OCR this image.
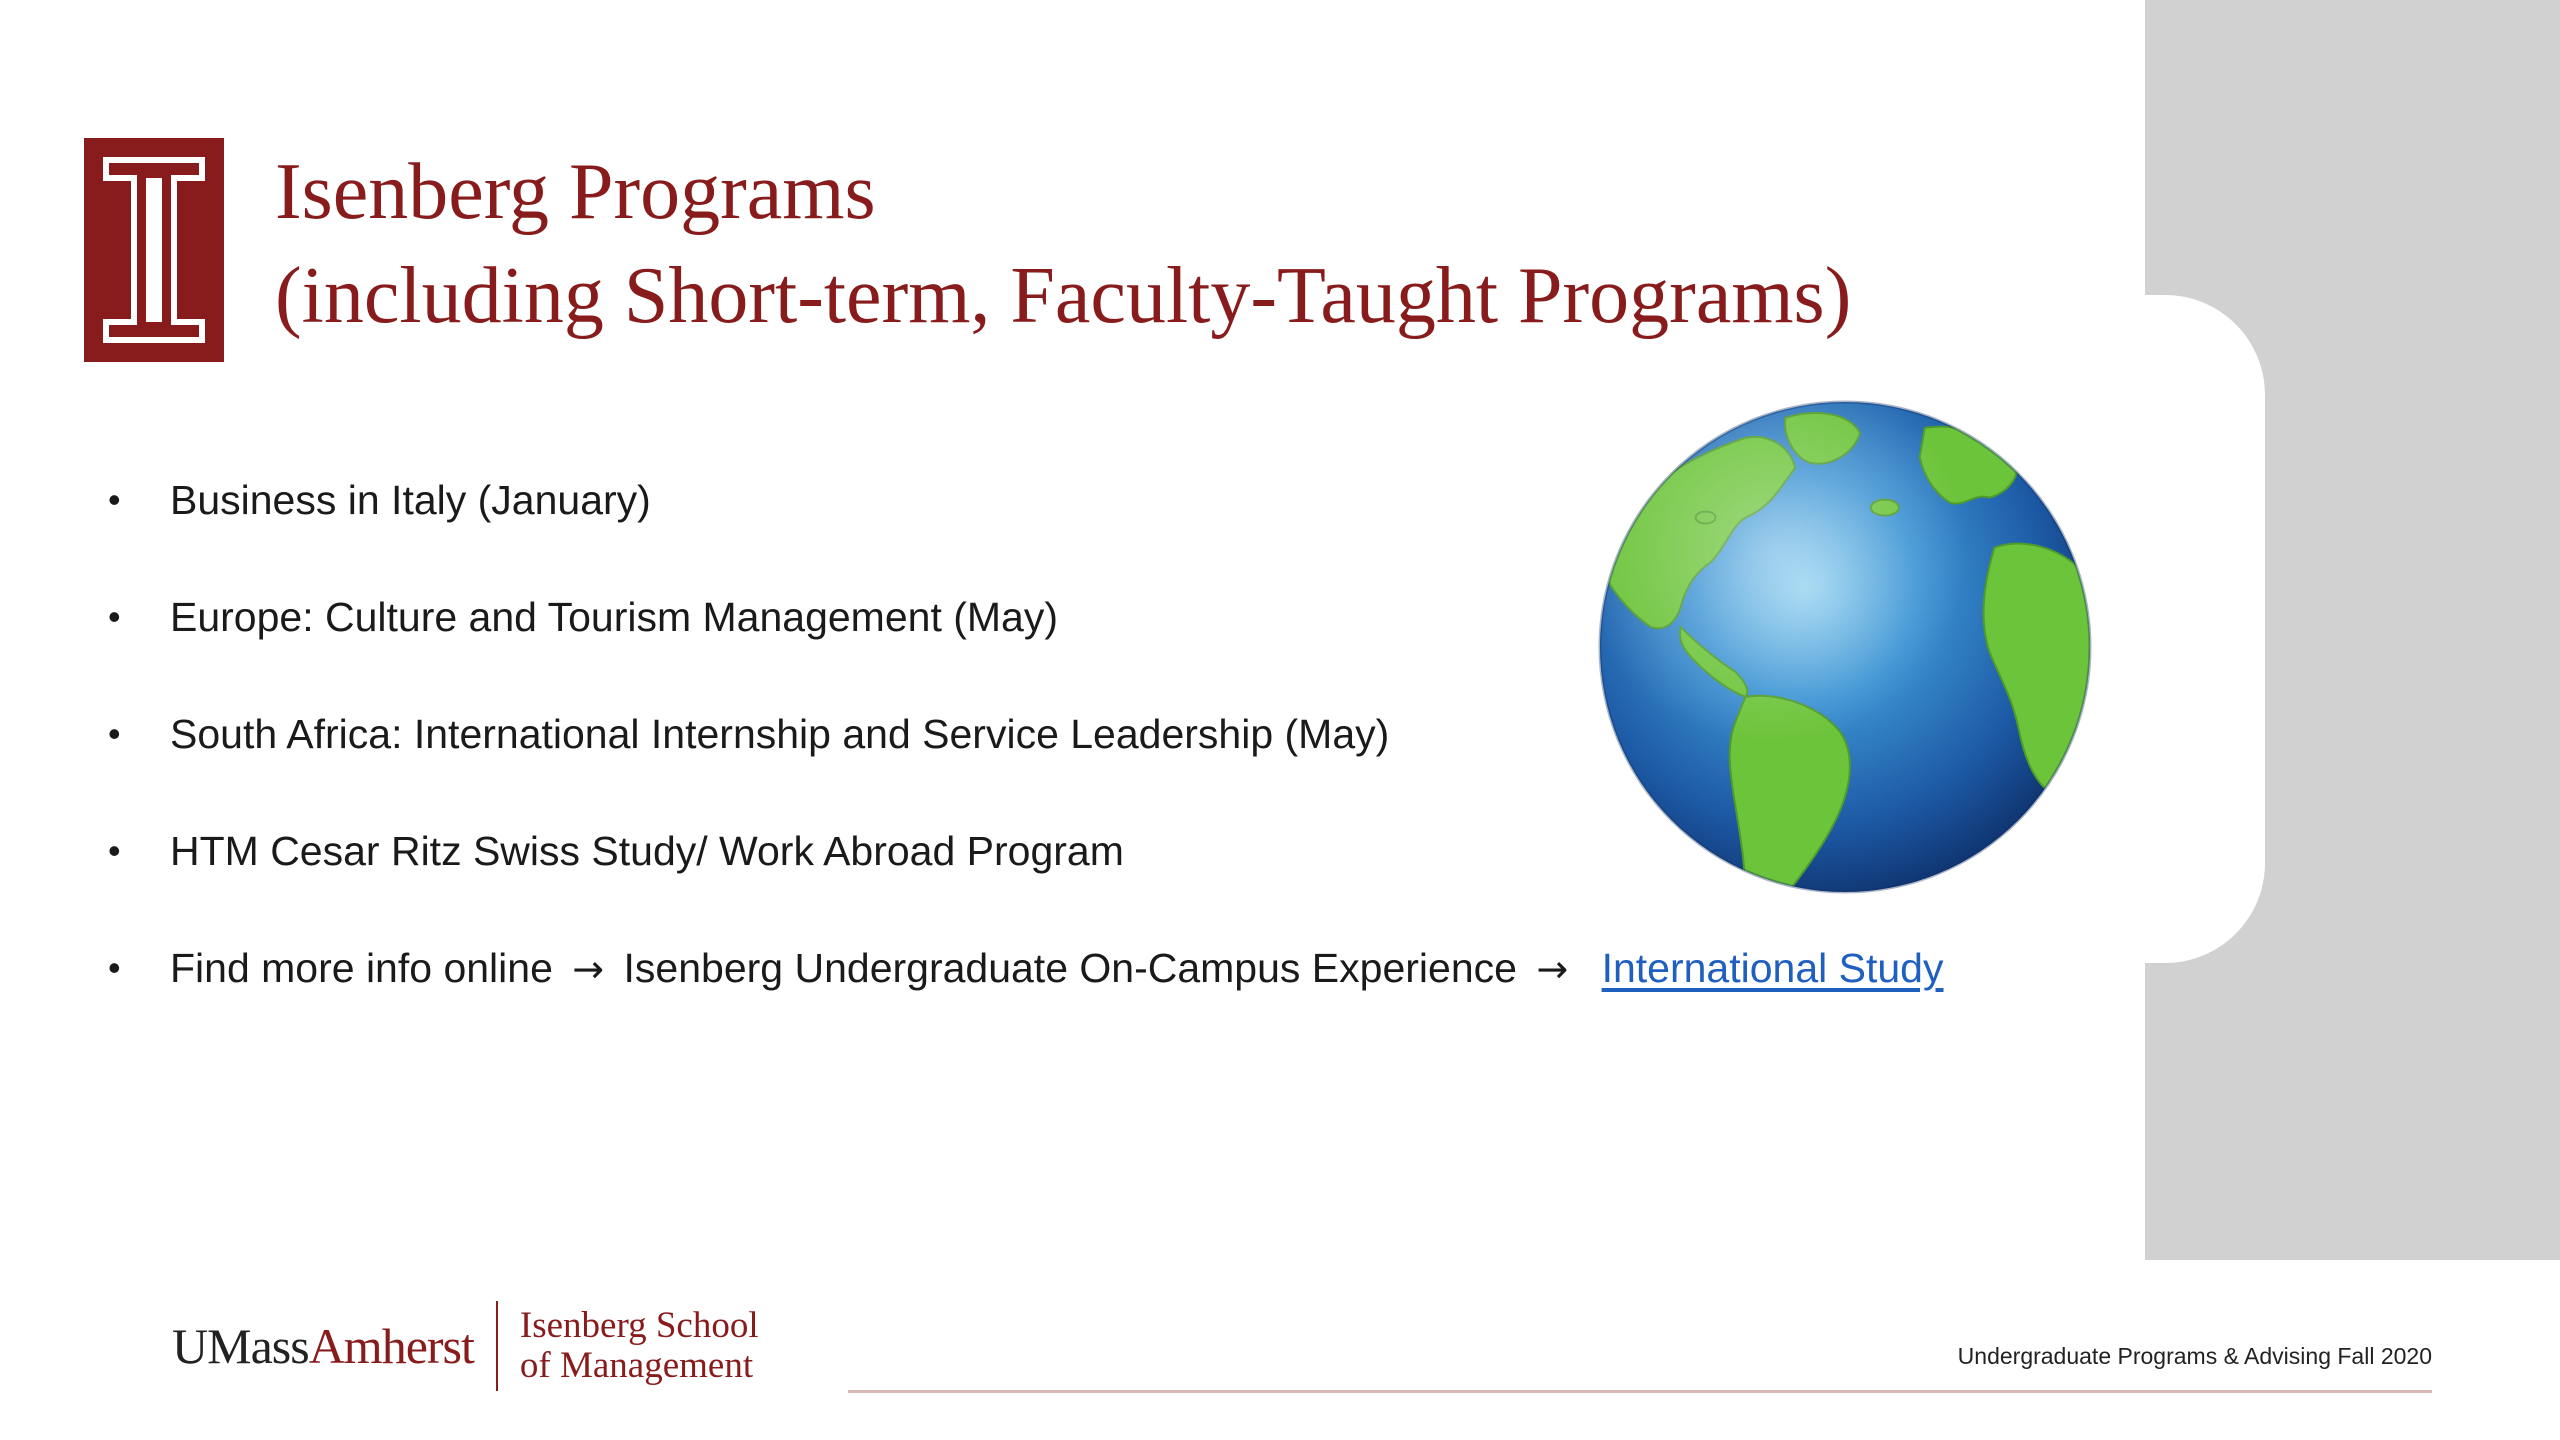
Isenberg Programs
(including Short-term, Faculty-Taught Programs)
• Business in Italy (January)
• Europe: Culture and Tourism Management (May)
• South Africa: International Internship and Service Leadership (May)
• HTM Cesar Ritz Swiss Study/ Work Abroad Program
• Find more info online → Isenberg Undergraduate On-Campus Experience → International Study
UMassAmherst Isenberg School
of Management	Undergraduate Programs & Advising Fall 2020
